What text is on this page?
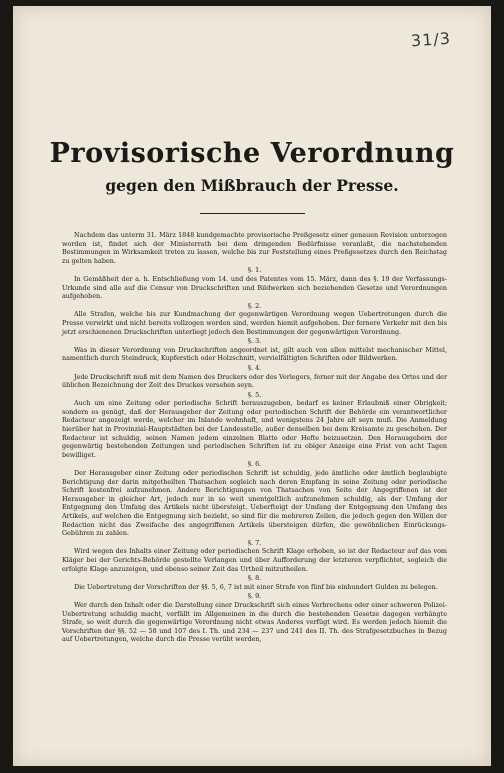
31/3
Provisorische Verordnung
gegen den Mißbrauch der Presse.

Nachdem das unterm 31. März 1848 kundgemachte provisorische Preßgesetz einer genauen Revision unterzogen worden ist, findet sich der Ministerrath bei dem dringenden Bedürfnisse veranlaßt, die nachstehenden Bestimmungen in Wirksamkeit treten zu lassen, welche bis zur Feststellung eines Preßgesetzes durch den Reichstag zu gelten haben.

§. 1.

In Gemäßheit der a. h. Entschließung vom 14. und des Patentes vom 15. März, dann des §. 19 der Verfassungs-Urkunde sind alle auf die Censur von Druckschriften und Bildwerken sich beziehenden Gesetze und Verordnungen aufgehoben.

§. 2.

Alle Strafen, welche bis zur Kundmachung der gegenwärtigen Verordnung wegen Uebertretungen durch die Presse verwirkt und nicht bereits vollzogen worden sind, werden hiemit aufgehoben. Der fernere Verkehr mit den bis jetzt erschienenen Druckschriften unterliegt jedoch den Bestimmungen der gegenwärtigen Verordnung.

§. 3.

Was in dieser Verordnung von Druckschriften angeordnet ist, gilt auch von allen mittelst mechanischer Mittel, namentlich durch Steindruck, Kupferstich oder Holzschnitt, vervielfältigten Schriften oder Bildwerken.

§. 4.

Jede Druckschrift muß mit dem Namen des Druckers oder des Verlegers, ferner mit der Angabe des Ortes und der üblichen Bezeichnung der Zeit des Druckes versehen seyn.

§. 5.

Auch um eine Zeitung oder periodische Schrift herauszugeben, bedarf es keiner Erlaubniß einer Obrigkeit; sondern es genügt, daß der Herausgeber der Zeitung oder periodischen Schrift der Behörde ein verantwortlicher Redacteur angezeigt werde, welcher im Inlande wohnhaft, und wenigstens 24 Jahre alt seyn muß. Die Anmeldung hierüber hat in Provinzial-Hauptstädten bei der Landesstelle, außer denselben bei dem Kreisamte zu geschehen. Der Redacteur ist schuldig, seinen Namen jedem einzelnen Blatte oder Hefte beizusetzen. Den Herausgebern der gegenwärtig bestehenden Zeitungen und periodischen Schriften ist zu obiger Anzeige eine Frist von acht Tagen bewilliget.

§. 6.

Der Herausgeber einer Zeitung oder periodischen Schrift ist schuldig, jede ämtliche oder ämtlich beglaubigte Berichtigung der darin mitgetheilten Thatsachen sogleich nach deren Empfang in seine Zeitung oder periodische Schrift kostenfrei aufzunehmen. Andere Berichtigungen von Thatsachen von Seite der Angegriffenen ist der Herausgeber in gleicher Art, jedoch nur in so weit unentgeltlich aufzunehmen schuldig, als der Umfang der Entgegnung den Umfang des Artikels nicht übersteigt. Ueberfteigt der Umfang der Entgegnung den Umfang des Artikels, auf welchen die Entgegnung sich bezieht, so sind für die mehreren Zeilen, die jedoch gegen den Willen der Redaction nicht das Zweifache des angegriffenen Artikels übersteigen dürfen, die gewöhnlichen Einrückungs-Gebühren zu zahlen.

§. 7.

Wird wegen des Inhalts einer Zeitung oder periodischen Schrift Klage erhoben, so ist der Redacteur auf das vom Kläger bei der Gerichts-Behörde gestellte Verlangen und über Aufforderung der letzteren verpflichtet, sogleich die erfolgte Klage anzuzeigen, und ebenso seiner Zeit das Urtheil mitzutheilen.

§. 8.

Die Uebertretung der Vorschriften der §§. 5, 6, 7 ist mit einer Strafe von fünf bis einhundert Gulden zu belegen.

§. 9.

Wer durch den Inhalt oder die Darstellung einer Druckschrift sich eines Verbrechens oder einer schweren Polizei-Uebertretung schuldig macht, verfällt im Allgemeinen in die durch die bestehenden Gesetze dagegen verhängte Strafe, so weit durch die gegenwärtige Verordnung nicht etwas Anderes verfügt wird. Es werden jedoch hiemit die Vorschriften der §§. 52 — 58 und 107 des I. Th. und 234 — 237 und 241 des II. Th. des Strafgesetzbuches in Bezug auf Uebertretungen, welche durch die Presse verübt werden,
